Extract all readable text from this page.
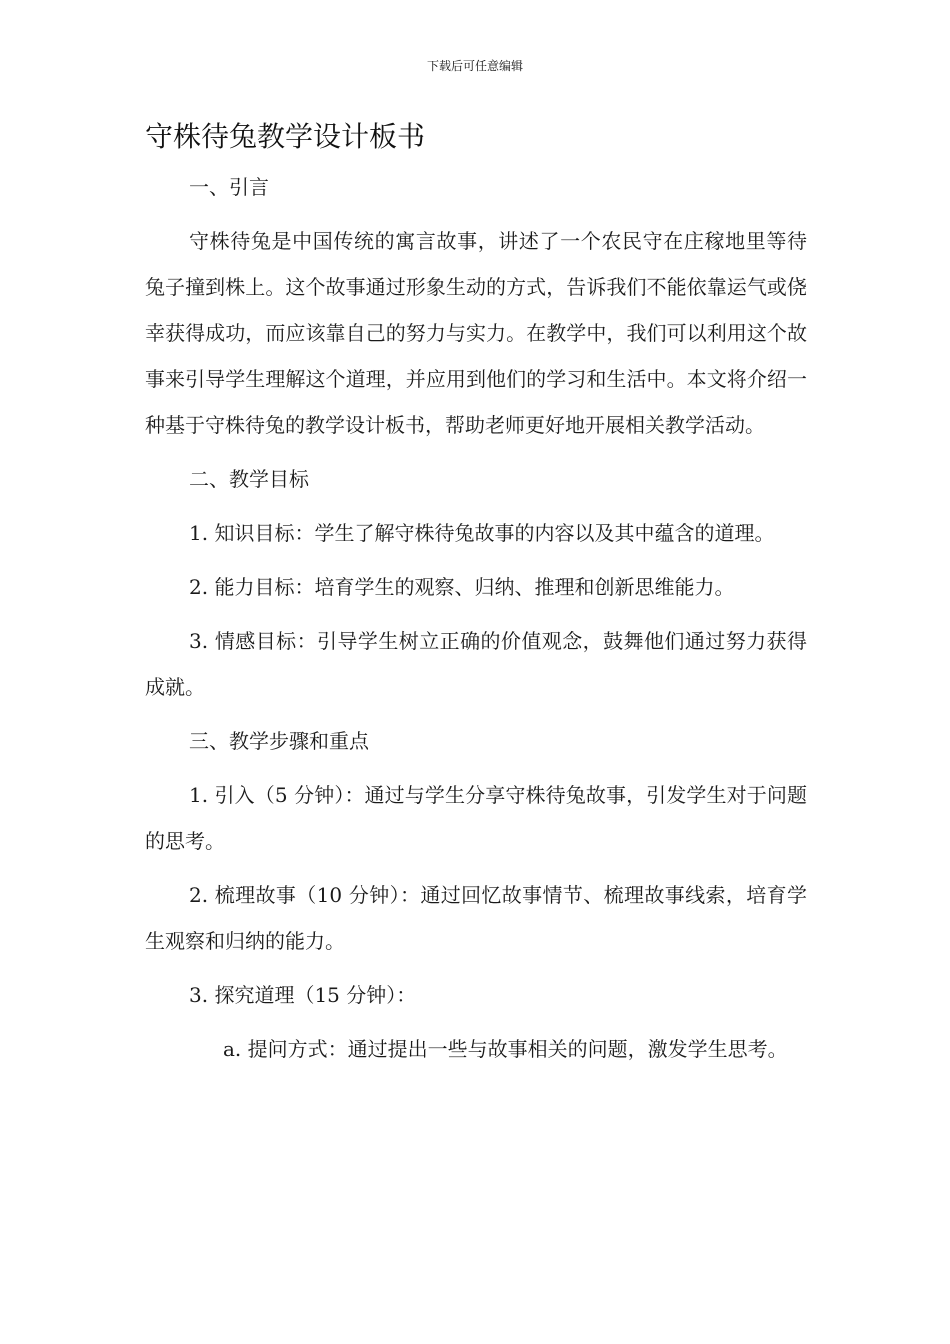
下载后可任意编辑
守株待兔教学设计板书

一、引言

守株待兔是中国传统的寓言故事，讲述了一个农民守在庄稼地里等待兔子撞到株上。这个故事通过形象生动的方式，告诉我们不能依靠运气或侥幸获得成功，而应该靠自己的努力与实力。在教学中，我们可以利用这个故事来引导学生理解这个道理，并应用到他们的学习和生活中。本文将介绍一种基于守株待兔的教学设计板书，帮助老师更好地开展相关教学活动。

二、教学目标

1. 知识目标：学生了解守株待兔故事的内容以及其中蕴含的道理。

2. 能力目标：培育学生的观察、归纳、推理和创新思维能力。

3. 情感目标：引导学生树立正确的价值观念，鼓舞他们通过努力获得成就。

三、教学步骤和重点

1. 引入（5 分钟）：通过与学生分享守株待兔故事，引发学生对于问题的思考。

2. 梳理故事（10 分钟）：通过回忆故事情节、梳理故事线索，培育学生观察和归纳的能力。

3. 探究道理（15 分钟）：

a. 提问方式：通过提出一些与故事相关的问题，激发学生思考。
